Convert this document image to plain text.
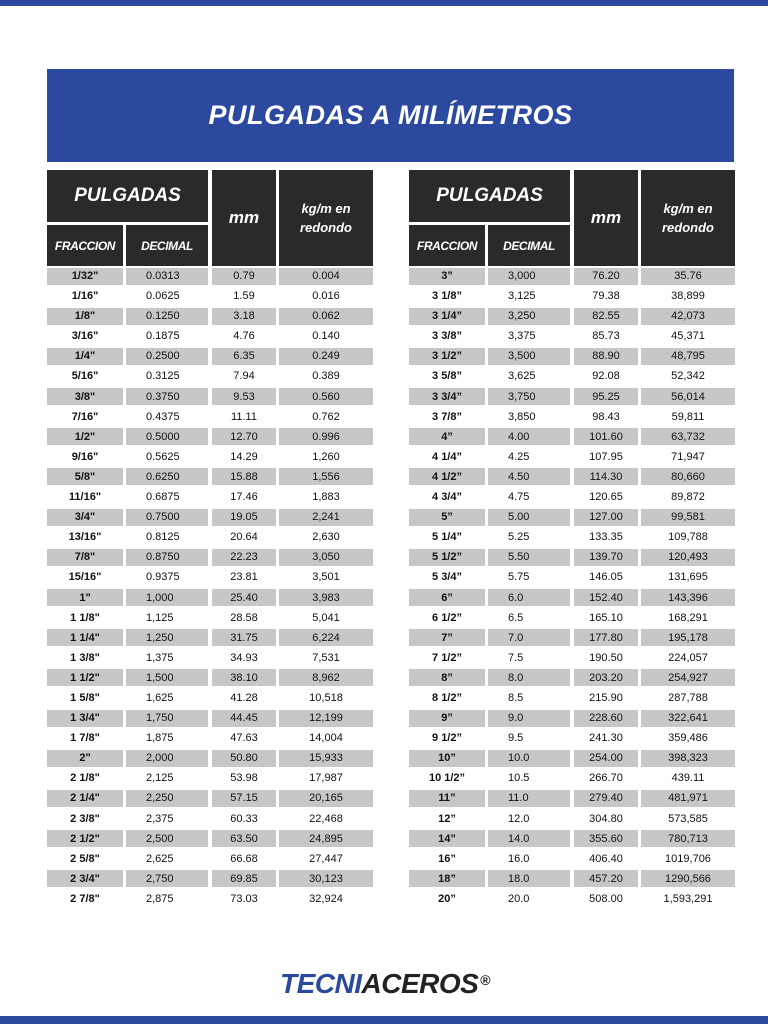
PULGADAS A MILÍMETROS
PULGADAS
FRACCION	DECIMAL
mm	kg/m en
redondo
1/32"	0.0313	0.79	0.004
1/16"	0.0625	1.59	0.016
1/8"	0.1250	3.18	0.062
3/16"	0.1875	4.76	0.140
1/4"	0.2500	6.35	0.249
5/16"	0.3125	7.94	0.389
3/8"	0.3750	9.53	0.560
7/16"	0.4375	11.11	0.762
1/2"	0.5000	12.70	0.996
9/16"	0.5625	14.29	1,260
5/8"	0.6250	15.88	1,556
11/16"	0.6875	17.46	1,883
3/4"	0.7500	19.05	2,241
13/16"	0.8125	20.64	2,630
7/8"	0.8750	22.23	3,050
15/16"	0.9375	23.81	3,501
1"	1,000	25.40	3,983
1 1/8"	1,125	28.58	5,041
1 1/4"	1,250	31.75	6,224
1 3/8"	1,375	34.93	7,531
1 1/2"	1,500	38.10	8,962
1 5/8"	1,625	41.28	10,518
1 3/4"	1,750	44.45	12,199
1 7/8"	1,875	47.63	14,004
2"	2,000	50.80	15,933
2 1/8"	2,125	53.98	17,987
2 1/4"	2,250	57.15	20,165
2 3/8"	2,375	60.33	22,468
2 1/2"	2,500	63.50	24,895
2 5/8"	2,625	66.68	27,447
2 3/4"	2,750	69.85	30,123
2 7/8"	2,875	73.03	32,924
PULGADAS
FRACCION	DECIMAL
mm	kg/m en
redondo
3”	3,000	76.20	35.76
3 1/8”	3,125	79.38	38,899
3 1/4”	3,250	82.55	42,073
3 3/8”	3,375	85.73	45,371
3 1/2”	3,500	88.90	48,795
3 5/8”	3,625	92.08	52,342
3 3/4”	3,750	95.25	56,014
3 7/8”	3,850	98.43	59,811
4”	4.00	101.60	63,732
4 1/4”	4.25	107.95	71,947
4 1/2”	4.50	114.30	80,660
4 3/4”	4.75	120.65	89,872
5”	5.00	127.00	99,581
5 1/4”	5.25	133.35	109,788
5 1/2”	5.50	139.70	120,493
5 3/4”	5.75	146.05	131,695
6”	6.0	152.40	143,396
6 1/2”	6.5	165.10	168,291
7”	7.0	177.80	195,178
7 1/2”	7.5	190.50	224,057
8”	8.0	203.20	254,927
8 1/2”	8.5	215.90	287,788
9”	9.0	228.60	322,641
9 1/2”	9.5	241.30	359,486
10”	10.0	254.00	398,323
10 1/2”	10.5	266.70	439.11
11”	11.0	279.40	481,971
12”	12.0	304.80	573,585
14”	14.0	355.60	780,713
16”	16.0	406.40	1019,706
18”	18.0	457.20	1290,566
20”	20.0	508.00	1,593,291
TECNI ACEROS ®
